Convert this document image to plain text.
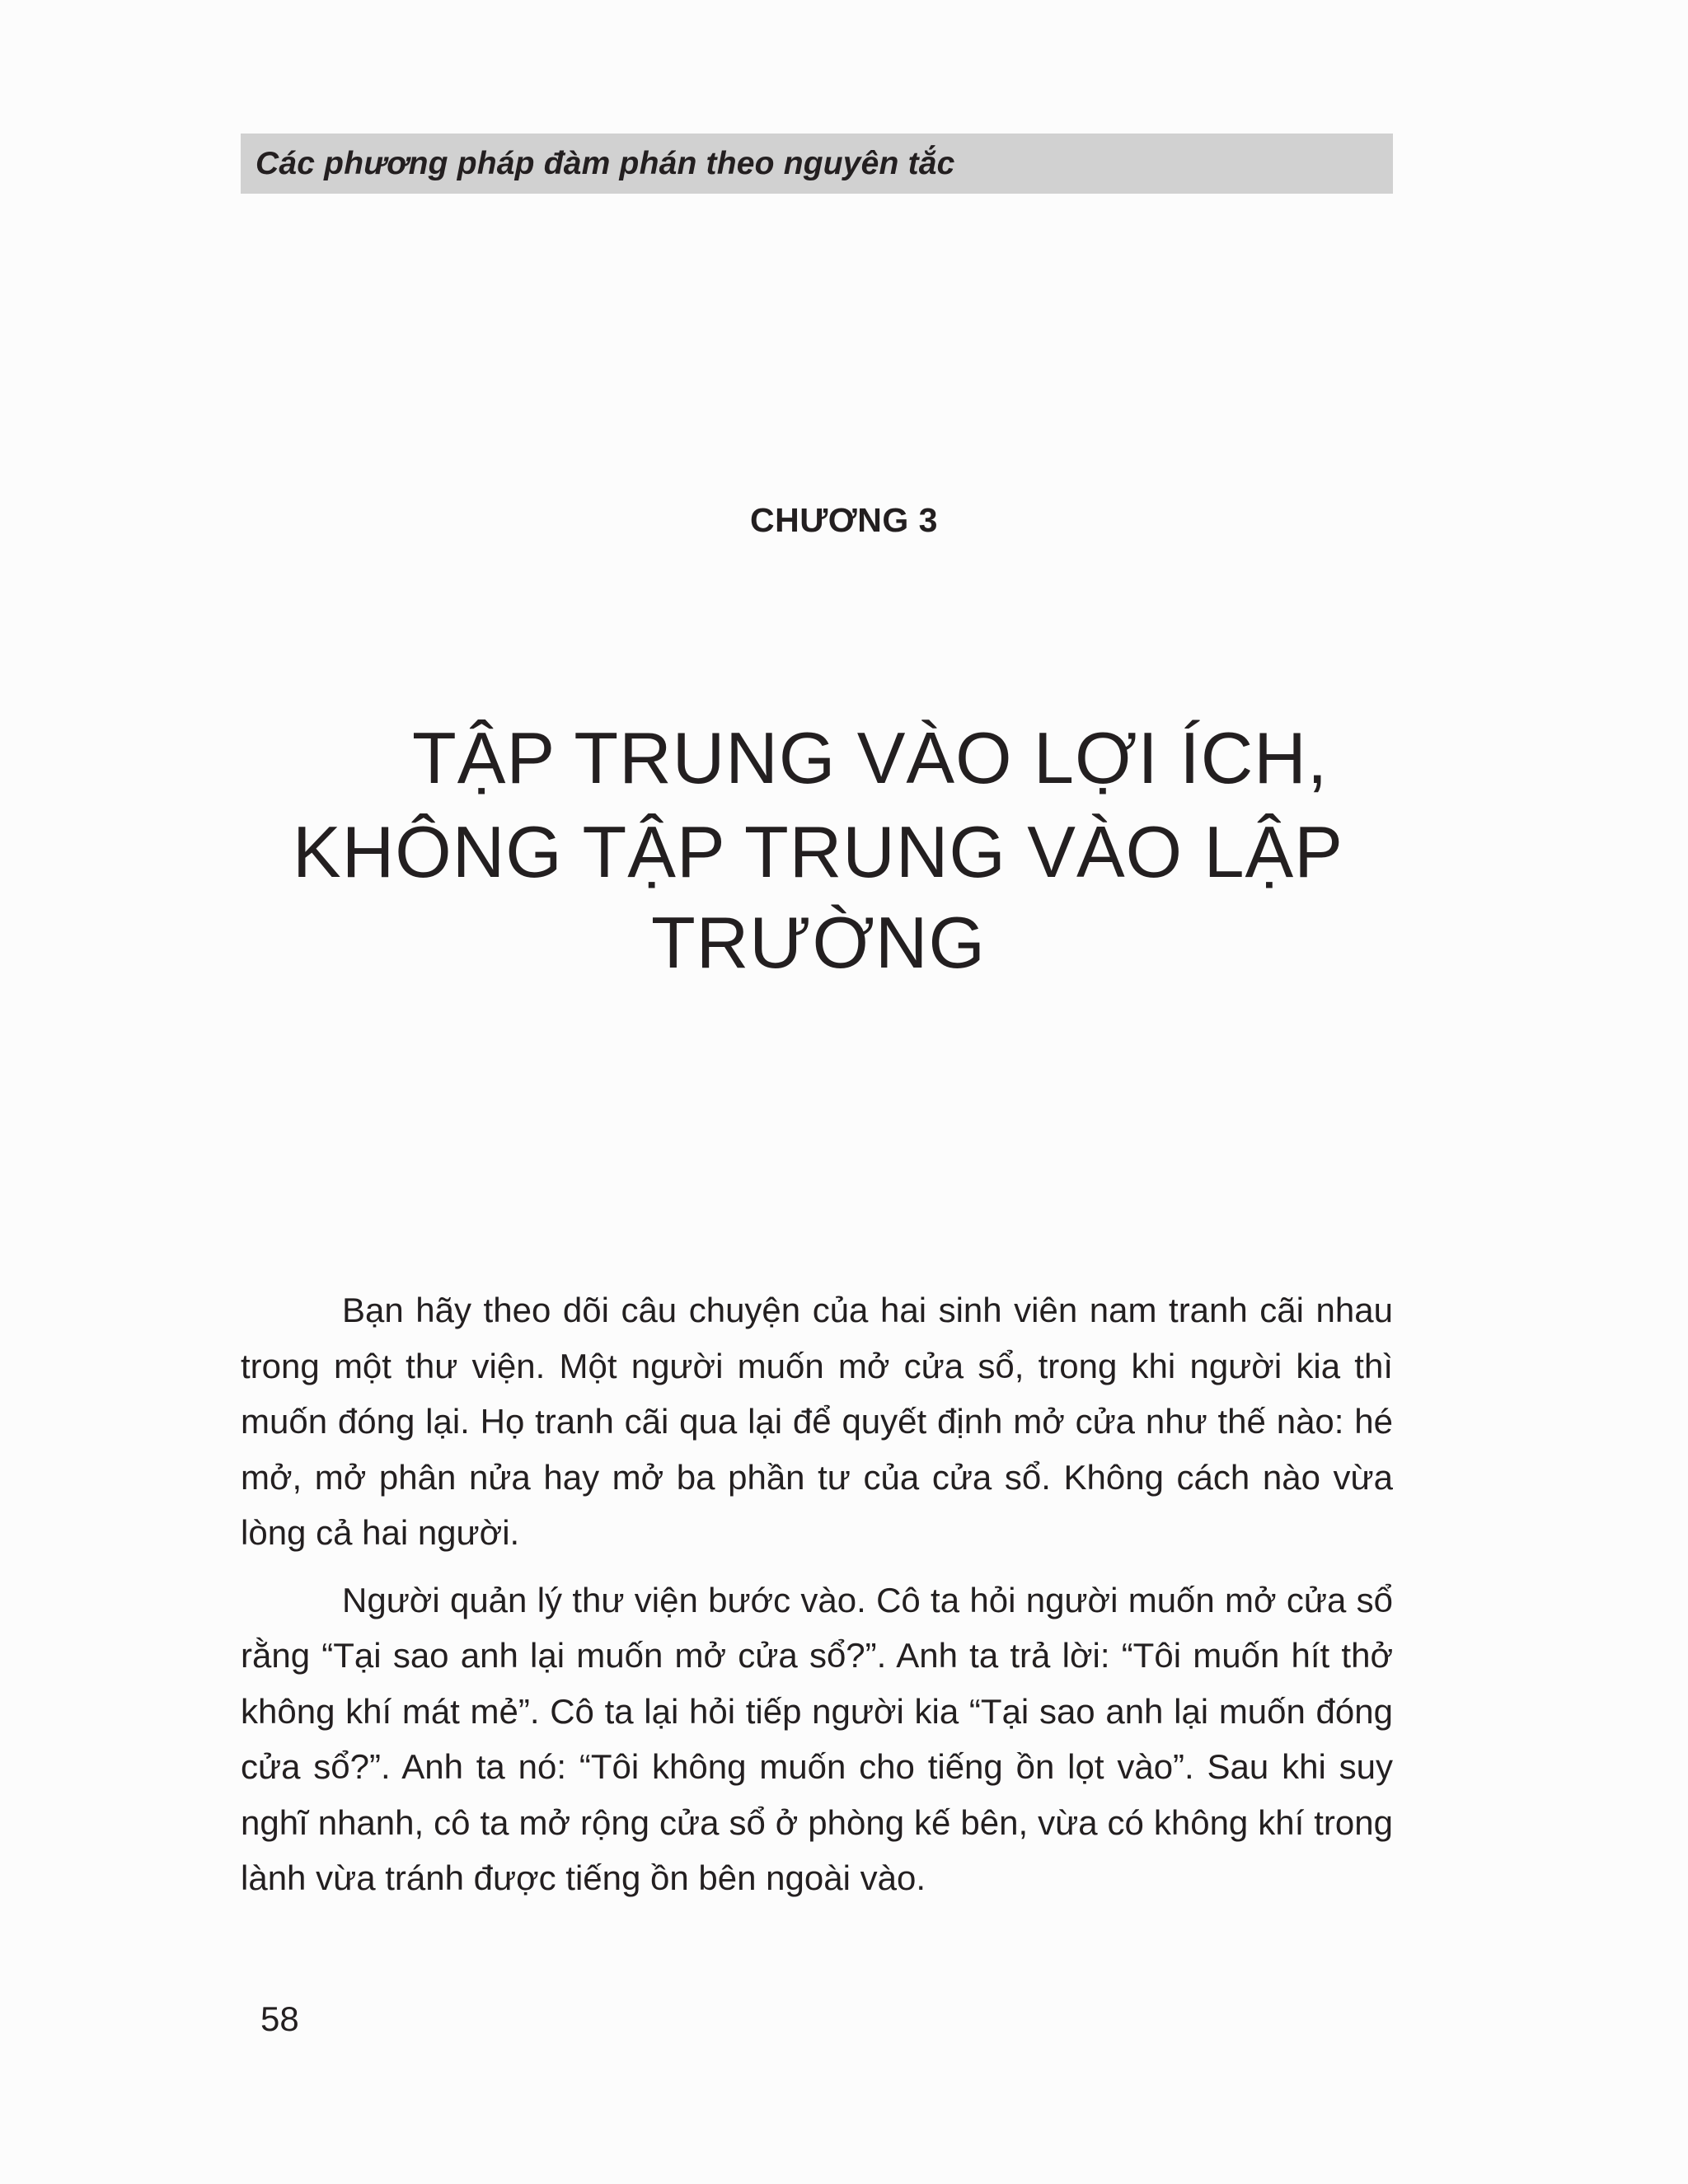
Các phương pháp đàm phán theo nguyên tắc
CHƯƠNG 3
TẬP TRUNG VÀO LỢI ÍCH,
KHÔNG TẬP TRUNG VÀO LẬP
TRƯỜNG

Bạn hãy theo dõi câu chuyện của hai sinh viên nam tranh cãi nhau trong một thư viện. Một người muốn mở cửa sổ, trong khi người kia thì muốn đóng lại. Họ tranh cãi qua lại để quyết định mở cửa như thế nào: hé mở, mở phân nửa hay mở ba phần tư của cửa sổ. Không cách nào vừa lòng cả hai người.

Người quản lý thư viện bước vào. Cô ta hỏi người muốn mở cửa sổ rằng “Tại sao anh lại muốn mở cửa sổ?”. Anh ta trả lời: “Tôi muốn hít thở không khí mát mẻ”. Cô ta lại hỏi tiếp người kia “Tại sao anh lại muốn đóng cửa sổ?”. Anh ta nó: “Tôi không muốn cho tiếng ồn lọt vào”. Sau khi suy nghĩ nhanh, cô ta mở rộng cửa sổ ở phòng kế bên, vừa có không khí trong lành vừa tránh được tiếng ồn bên ngoài vào.

58
